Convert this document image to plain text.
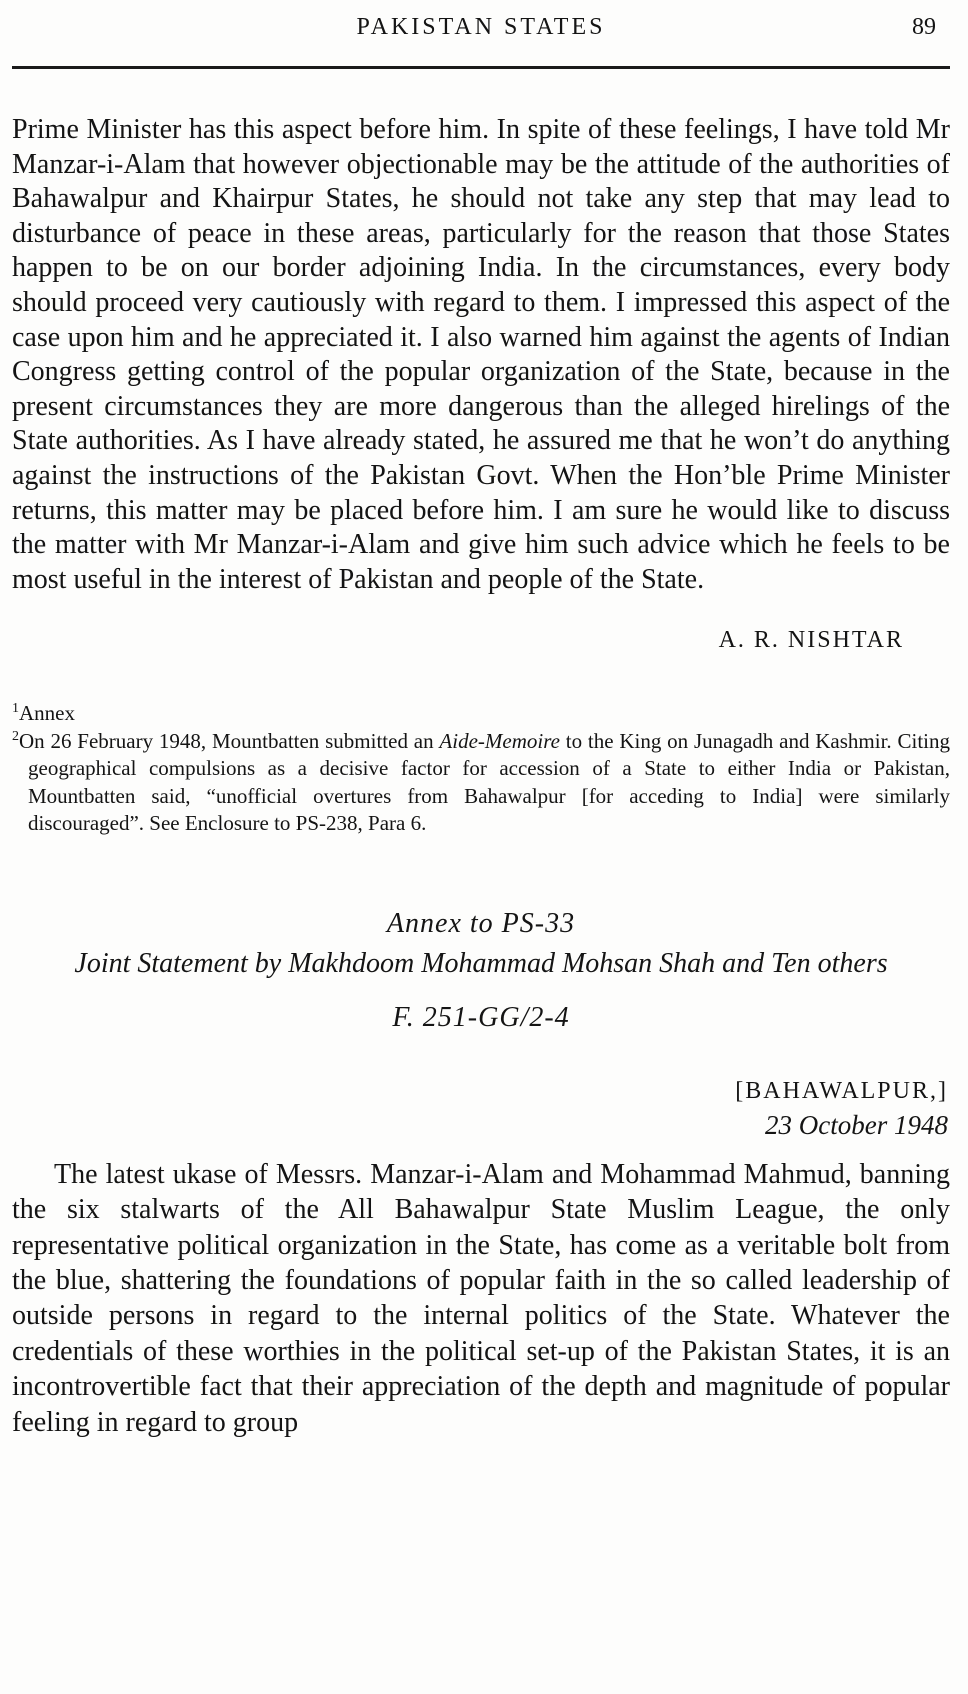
PAKISTAN STATES	89

Prime Minister has this aspect before him. In spite of these feelings, I have told Mr Manzar-i-Alam that however objectionable may be the attitude of the authorities of Bahawalpur and Khairpur States, he should not take any step that may lead to disturbance of peace in these areas, particularly for the reason that those States happen to be on our border adjoining India. In the circumstances, every body should proceed very cautiously with regard to them. I impressed this aspect of the case upon him and he appreciated it. I also warned him against the agents of Indian Congress getting control of the popular organization of the State, because in the present circumstances they are more dangerous than the alleged hirelings of the State authorities. As I have already stated, he assured me that he won’t do anything against the instructions of the Pakistan Govt. When the Hon’ble Prime Minister returns, this matter may be placed before him. I am sure he would like to discuss the matter with Mr Manzar-i-Alam and give him such advice which he feels to be most useful in the interest of Pakistan and people of the State.

A. R. NISHTAR
$^1$Annex
$^2$On 26 February 1948, Mountbatten submitted an Aide-Memoire to the King on Junagadh and Kashmir. Citing geographical compulsions as a decisive factor for accession of a State to either India or Pakistan, Mountbatten said, “unofficial overtures from Bahawalpur [for acceding to India] were similarly discouraged”. See Enclosure to PS-238, Para 6.
Annex to PS-33
Joint Statement by Makhdoom Mohammad Mohsan Shah and Ten others
F. 251-GG/2-4
[BAHAWALPUR,]
23 October 1948

The latest ukase of Messrs. Manzar-i-Alam and Mohammad Mahmud, banning the six stalwarts of the All Bahawalpur State Muslim League, the only representative political organization in the State, has come as a veritable bolt from the blue, shattering the foundations of popular faith in the so called leadership of outside persons in regard to the internal politics of the State. Whatever the credentials of these worthies in the political set-up of the Pakistan States, it is an incontrovertible fact that their appreciation of the depth and magnitude of popular feeling in regard to group
